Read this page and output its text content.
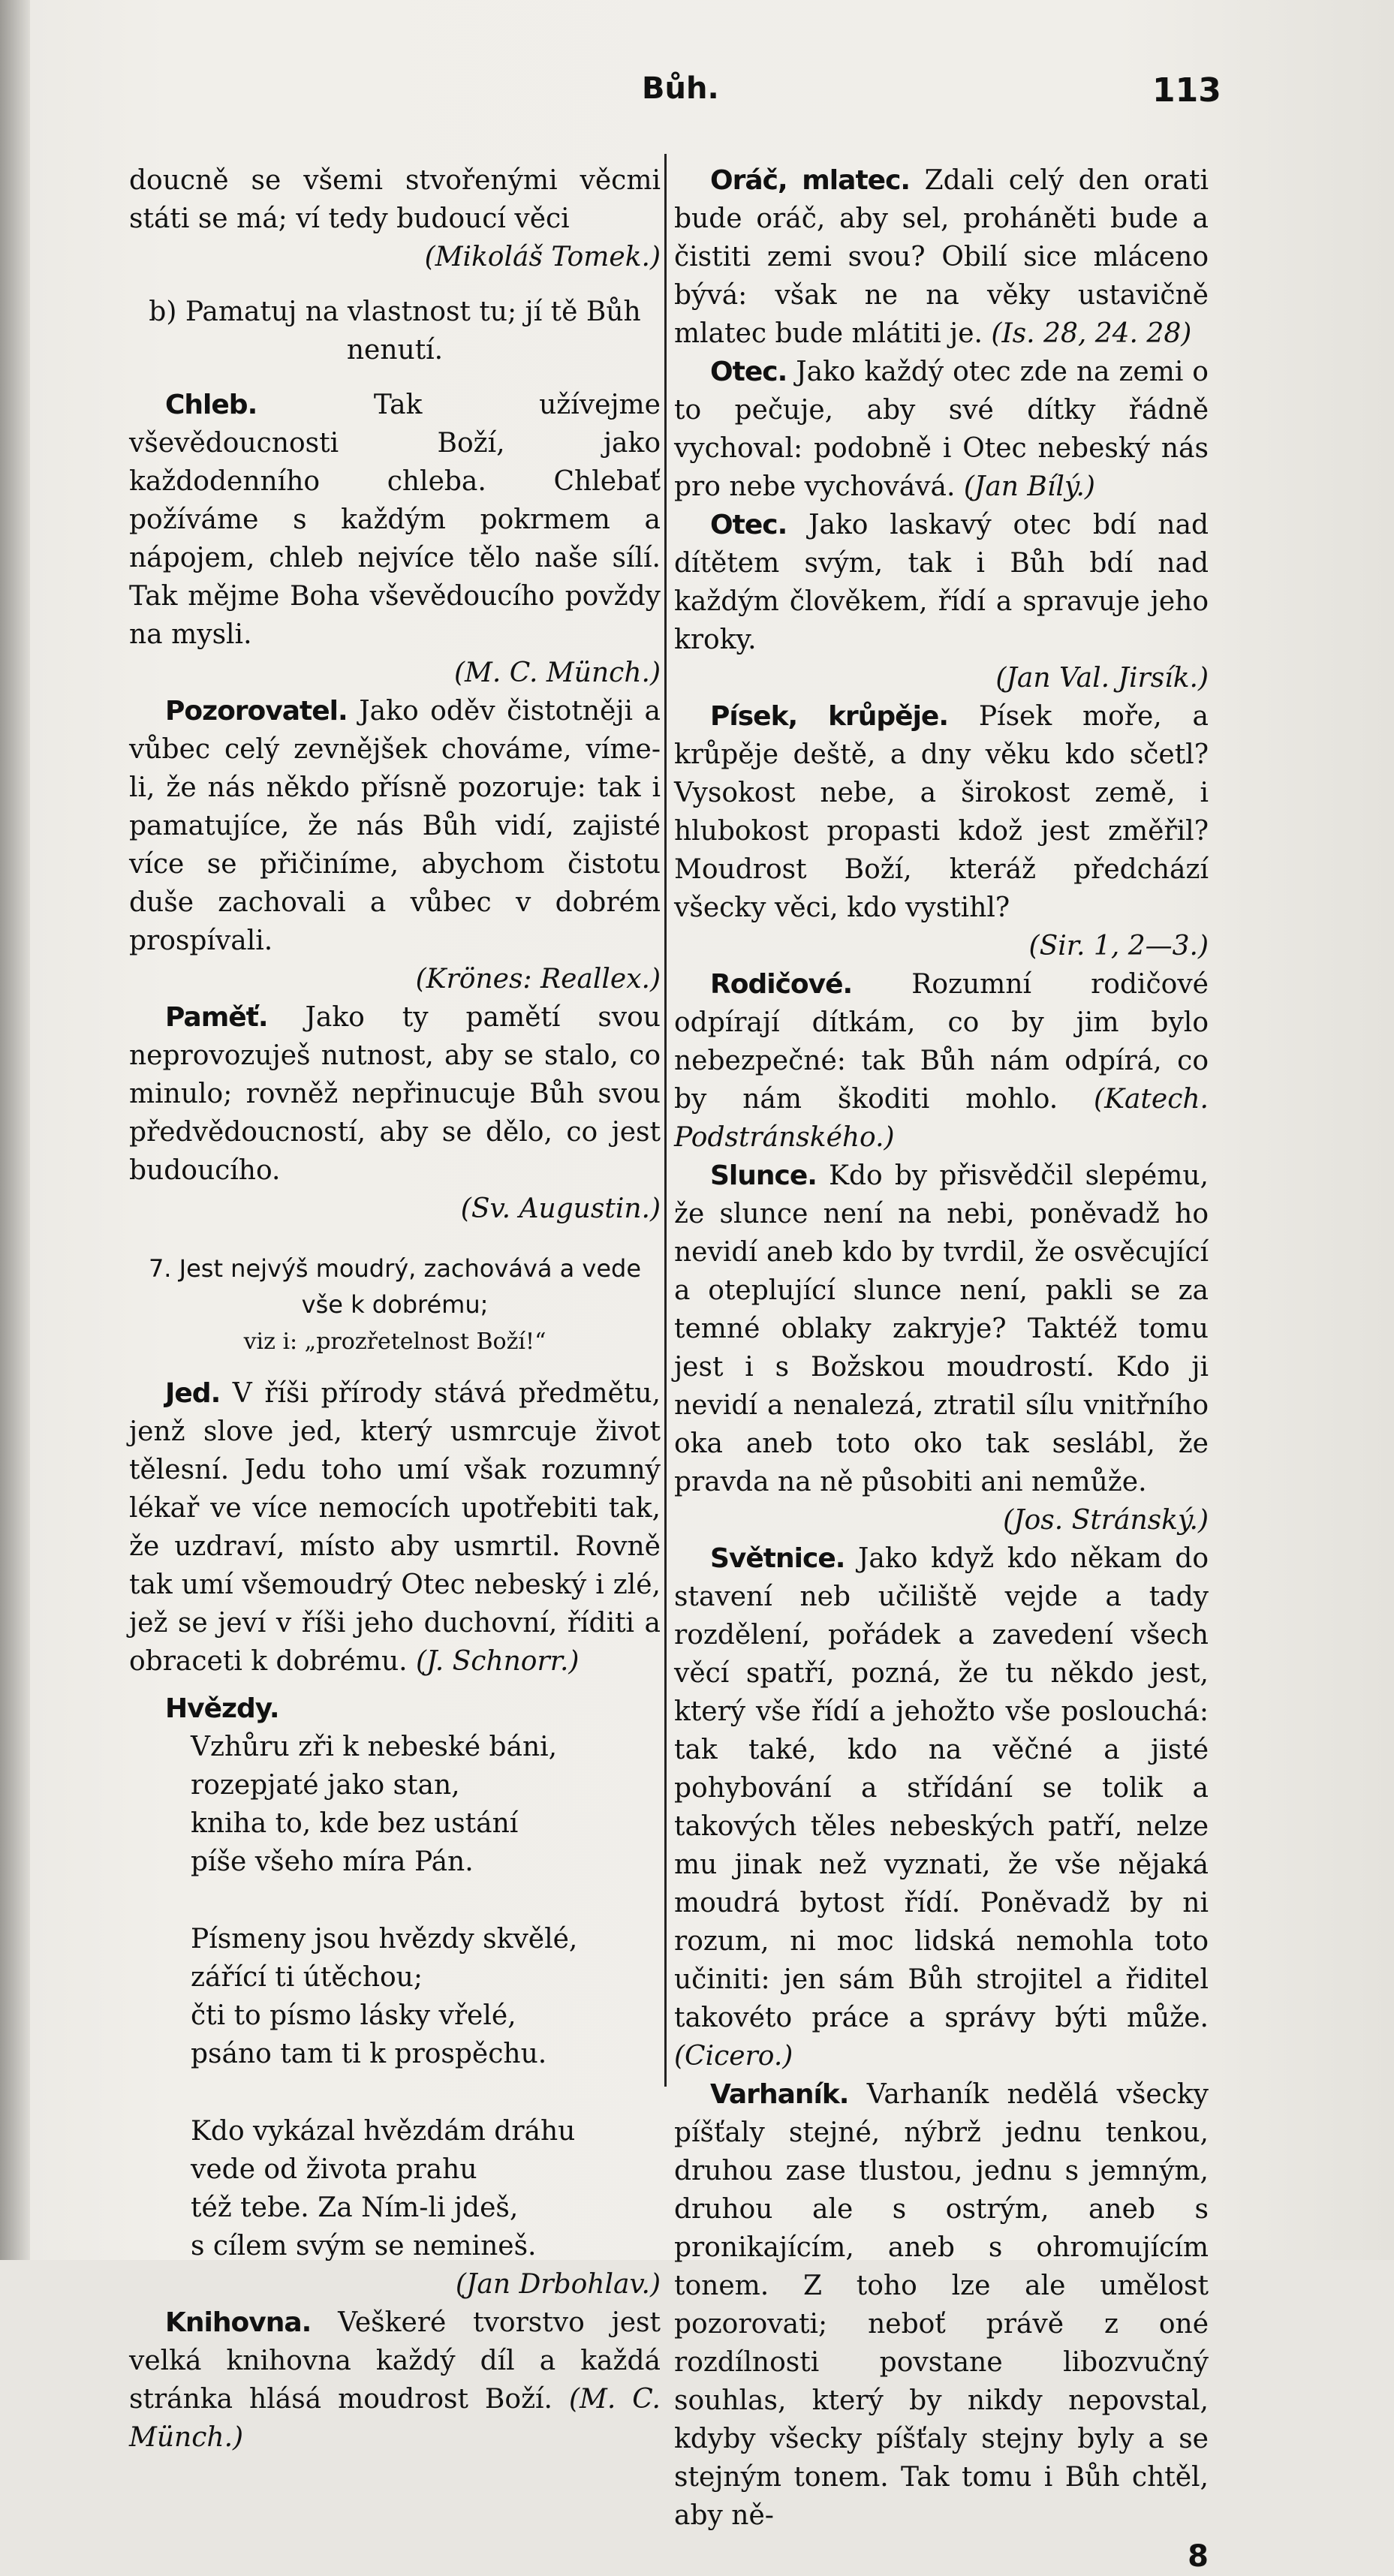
Bůh.	113

doucně se všemi stvořenými věcmi státi se má; ví tedy budoucí věci

(Mikoláš Tomek.)

b) Pamatuj na vlastnost tu; jí tě Bůh nenutí.

Chleb.	Tak užívejme vševědoucnosti Boží, jako každodenního chleba. Chlebať požíváme s každým pokrmem a nápojem, chleb nejvíce tělo naše sílí. Tak mějme Boha vševědoucího povždy na mysli.

(M. C. Münch.)

Pozorovatel. Jako oděv čistotněji a vůbec celý zevnějšek chováme, víme-li, že nás někdo přísně pozoruje: tak i pamatujíce, že nás Bůh vidí, zajisté více se přičiníme, abychom čistotu duše zachovali a vůbec v dobrém prospívali.

(Krönes: Reallex.)

Paměť. Jako ty pamětí svou neprovozuješ nutnost, aby se stalo, co minulo; rovněž nepřinucuje Bůh svou předvědoucností, aby se dělo, co jest budoucího.

(Sv. Augustin.)

7. Jest nejvýš moudrý, zachovává a vede vše k dobrému;

viz i: „prozřetelnost Boží!“

Jed. V říši přírody stává předmětu, jenž slove jed, který usmrcuje život tělesní. Jedu toho umí však rozumný lékař ve více nemocích upotřebiti tak, že uzdraví, místo aby usmrtil. Rovně tak umí všemoudrý Otec nebeský i zlé, jež se jeví v říši jeho duchovní, říditi a obraceti k dobrému. (J. Schnorr.)

Hvězdy.

Vzhůru zři k nebeské báni,
rozepjaté jako stan,
kniha to, kde bez ustání
píše všeho míra Pán.
Písmeny jsou hvězdy skvělé,
zářící ti útěchou;
čti to písmo lásky vřelé,
psáno tam ti k prospěchu.
Kdo vykázal hvězdám dráhu
vede od života prahu
též tebe. Za Ním-li jdeš,
s cílem svým se nemineš.

(Jan Drbohlav.)

Knihovna. Veškeré tvorstvo jest velká knihovna každý díl a každá stránka hlásá moudrost Boží. (M. C. Münch.)

Oráč, mlatec. Zdali celý den orati bude oráč, aby sel, proháněti bude a čistiti zemi svou? Obilí sice mláceno bývá: však ne na věky ustavičně mlatec bude mlátiti je. (Is. 28, 24. 28)

Otec. Jako každý otec zde na zemi o to pečuje, aby své dítky řádně vychoval: podobně i Otec nebeský nás pro nebe vychovává. (Jan Bílý.)

Otec. Jako laskavý otec bdí nad dítětem svým, tak i Bůh bdí nad každým člověkem, řídí a spravuje jeho kroky.

(Jan Val. Jirsík.)

Písek, krůpěje. Písek moře, a krůpěje deště, a dny věku kdo sčetl? Vysokost nebe, a širokost země, i hlubokost propasti kdož jest změřil? Moudrost Boží, kteráž předchází všecky věci, kdo vystihl?

(Sir. 1, 2—3.)

Rodičové. Rozumní rodičové odpírají dítkám, co by jim bylo nebezpečné: tak Bůh nám odpírá, co by nám škoditi mohlo. (Katech. Podstránského.)

Slunce. Kdo by přisvědčil slepému, že slunce není na nebi, poněvadž ho nevidí aneb kdo by tvrdil, že osvěcující a oteplující slunce není, pakli se za temné oblaky zakryje? Taktéž tomu jest i s Božskou moudrostí. Kdo ji nevidí a nenalezá, ztratil sílu vnitřního oka aneb toto oko tak seslábl, že pravda na ně působiti ani nemůže.

(Jos. Stránský.)

Světnice. Jako když kdo někam do stavení neb učiliště vejde a tady rozdělení, pořádek a zavedení všech věcí spatří, pozná, že tu někdo jest, který vše řídí a jehožto vše poslouchá: tak také, kdo na věčné a jisté pohybování a střídání se tolik a takových těles nebeských patří, nelze mu jinak než vyznati, že vše nějaká moudrá bytost řídí. Poněvadž by ni rozum, ni moc lidská nemohla toto učiniti: jen sám Bůh strojitel a řiditel takovéto práce a správy býti může. (Cicero.)

Varhaník. Varhaník nedělá všecky píšťaly stejné, nýbrž jednu tenkou, druhou zase tlustou, jednu s jemným, druhou ale s ostrým, aneb s pronikajícím, aneb s ohromujícím tonem. Z toho lze ale umělost pozorovati; neboť právě z oné rozdílnosti povstane libozvučný souhlas, který by nikdy nepovstal, kdyby všecky píšťaly stejny byly a se stejným tonem. Tak tomu i Bůh chtěl, aby ně-

8
